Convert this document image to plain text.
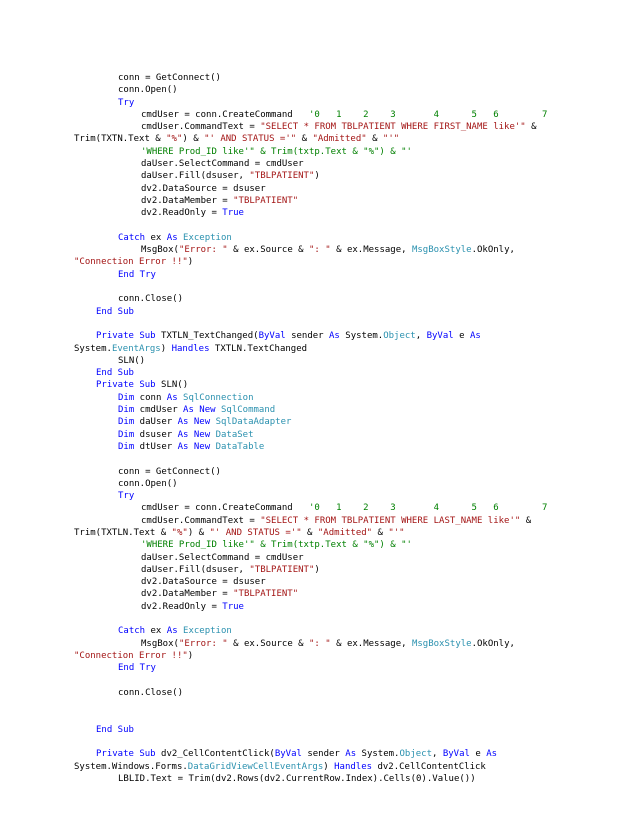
conn = GetConnect()
conn.Open()
Try
cmdUser = conn.CreateCommand   '0   1    2    3       4      5   6        7
cmdUser.CommandText = "SELECT * FROM TBLPATIENT WHERE FIRST_NAME like'" &
Trim(TXTN.Text & "%") & "' AND STATUS ='" & "Admitted" & "'"
'WHERE Prod_ID like'" & Trim(txtp.Text & "%") & "'
daUser.SelectCommand = cmdUser
daUser.Fill(dsuser, "TBLPATIENT")
dv2.DataSource = dsuser
dv2.DataMember = "TBLPATIENT"
dv2.ReadOnly = True
Catch ex As Exception
MsgBox("Error: " & ex.Source & ": " & ex.Message, MsgBoxStyle.OkOnly,
"Connection Error !!")
End Try
conn.Close()
End Sub
Private Sub TXTLN_TextChanged(ByVal sender As System.Object, ByVal e As
System.EventArgs) Handles TXTLN.TextChanged
SLN()
End Sub
Private Sub SLN()
Dim conn As SqlConnection
Dim cmdUser As New SqlCommand
Dim daUser As New SqlDataAdapter
Dim dsuser As New DataSet
Dim dtUser As New DataTable
conn = GetConnect()
conn.Open()
Try
cmdUser = conn.CreateCommand   '0   1    2    3       4      5   6        7
cmdUser.CommandText = "SELECT * FROM TBLPATIENT WHERE LAST_NAME like'" &
Trim(TXTLN.Text & "%") & "' AND STATUS ='" & "Admitted" & "'"
'WHERE Prod_ID like'" & Trim(txtp.Text & "%") & "'
daUser.SelectCommand = cmdUser
daUser.Fill(dsuser, "TBLPATIENT")
dv2.DataSource = dsuser
dv2.DataMember = "TBLPATIENT"
dv2.ReadOnly = True
Catch ex As Exception
MsgBox("Error: " & ex.Source & ": " & ex.Message, MsgBoxStyle.OkOnly,
"Connection Error !!")
End Try
conn.Close()
End Sub
Private Sub dv2_CellContentClick(ByVal sender As System.Object, ByVal e As
System.Windows.Forms.DataGridViewCellEventArgs) Handles dv2.CellContentClick
LBLID.Text = Trim(dv2.Rows(dv2.CurrentRow.Index).Cells(0).Value())
